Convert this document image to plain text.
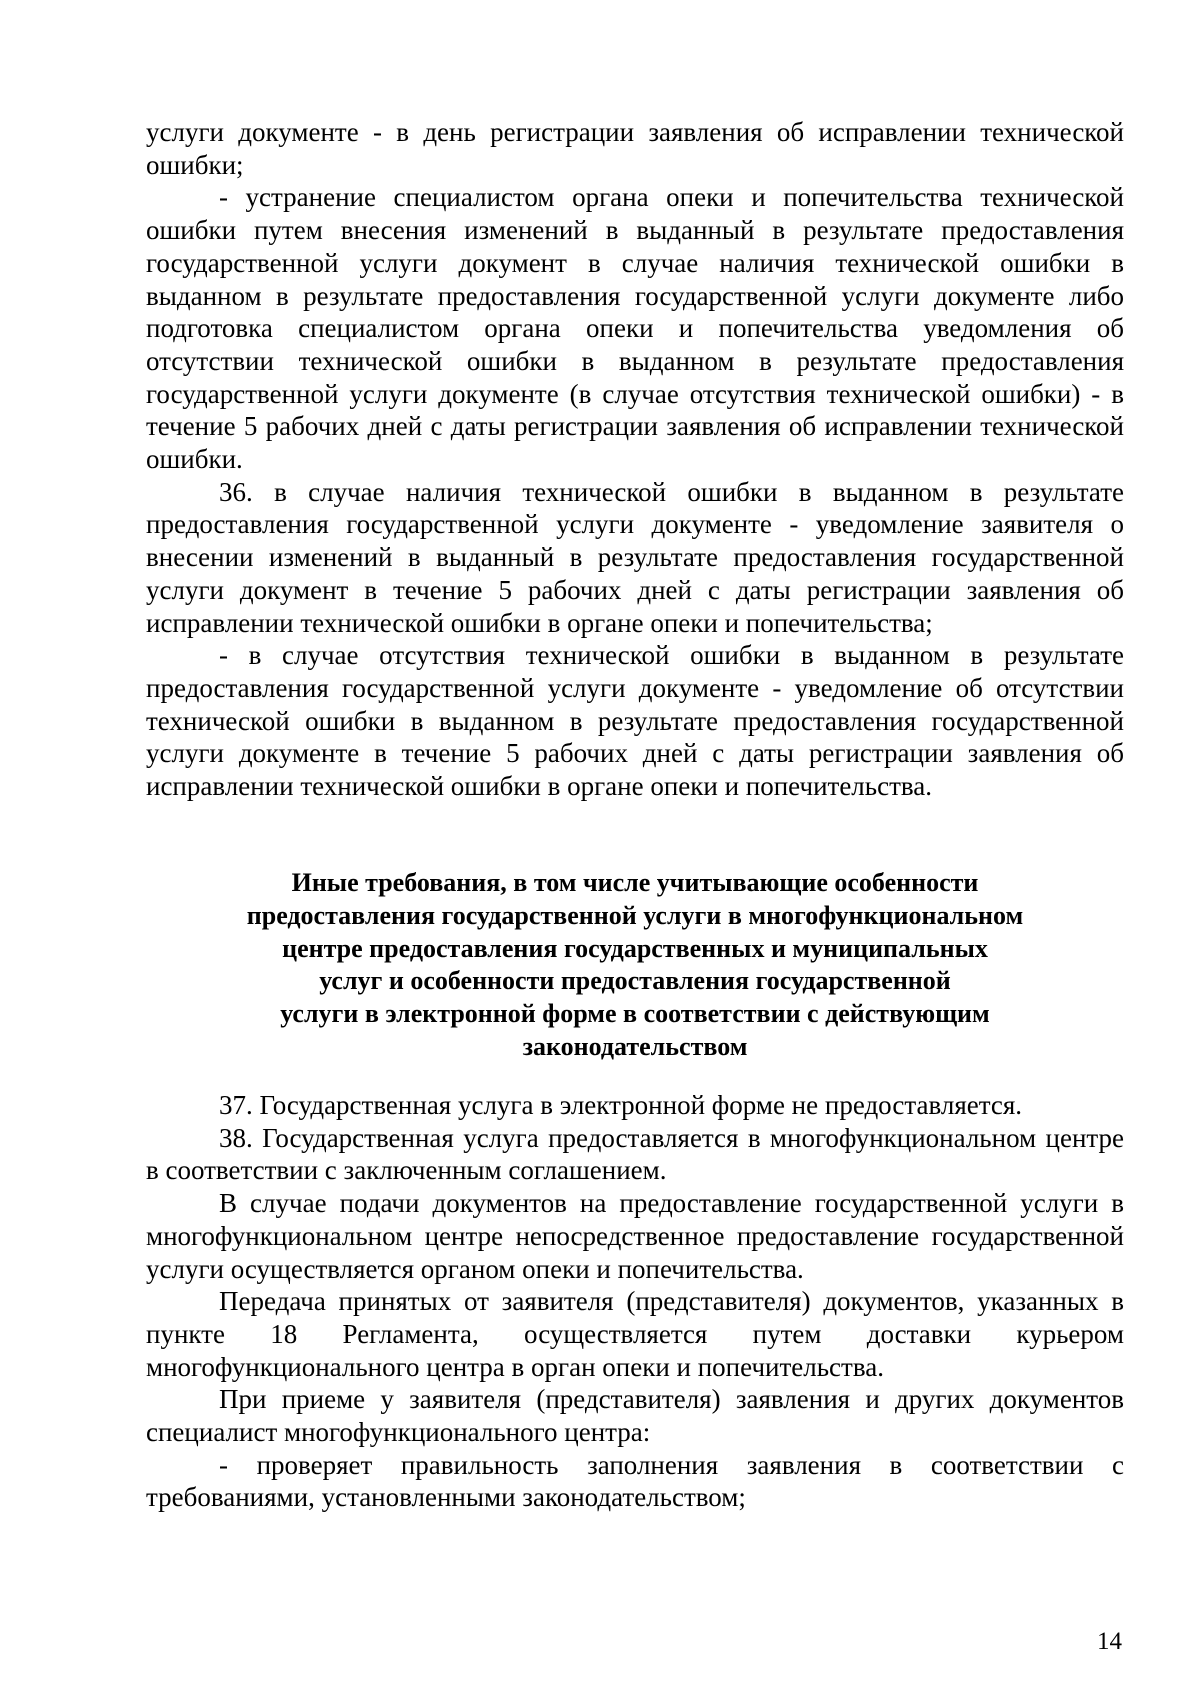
услуги документе - в день регистрации заявления об исправлении технической ошибки;

- устранение специалистом органа опеки и попечительства технической ошибки путем внесения изменений в выданный в результате предоставления государственной услуги документ в случае наличия технической ошибки в выданном в результате предоставления государственной услуги документе либо подготовка специалистом органа опеки и попечительства уведомления об отсутствии технической ошибки в выданном в результате предоставления государственной услуги документе (в случае отсутствия технической ошибки) - в течение 5 рабочих дней с даты регистрации заявления об исправлении технической ошибки.

36. в случае наличия технической ошибки в выданном в результате предоставления государственной услуги документе - уведомление заявителя о внесении изменений в выданный в результате предоставления государственной услуги документ в течение 5 рабочих дней с даты регистрации заявления об исправлении технической ошибки в органе опеки и попечительства;

- в случае отсутствия технической ошибки в выданном в результате предоставления государственной услуги документе - уведомление об отсутствии технической ошибки в выданном в результате предоставления государственной услуги документе в течение 5 рабочих дней с даты регистрации заявления об исправлении технической ошибки в органе опеки и попечительства.

Иные требования, в том числе учитывающие особенности
предоставления государственной услуги в многофункциональном
центре предоставления государственных и муниципальных
услуг и особенности предоставления государственной
услуги в электронной форме в соответствии с действующим
законодательством

37. Государственная услуга в электронной форме не предоставляется.

38. Государственная услуга предоставляется в многофункциональном центре в соответствии с заключенным соглашением.

В случае подачи документов на предоставление государственной услуги в многофункциональном центре непосредственное предоставление государственной услуги осуществляется органом опеки и попечительства.

Передача принятых от заявителя (представителя) документов, указанных в пункте 18 Регламента, осуществляется путем доставки курьером многофункционального центра в орган опеки и попечительства.

При приеме у заявителя (представителя) заявления и других документов специалист многофункционального центра:

- проверяет правильность заполнения заявления в соответствии с требованиями, установленными законодательством;

14
